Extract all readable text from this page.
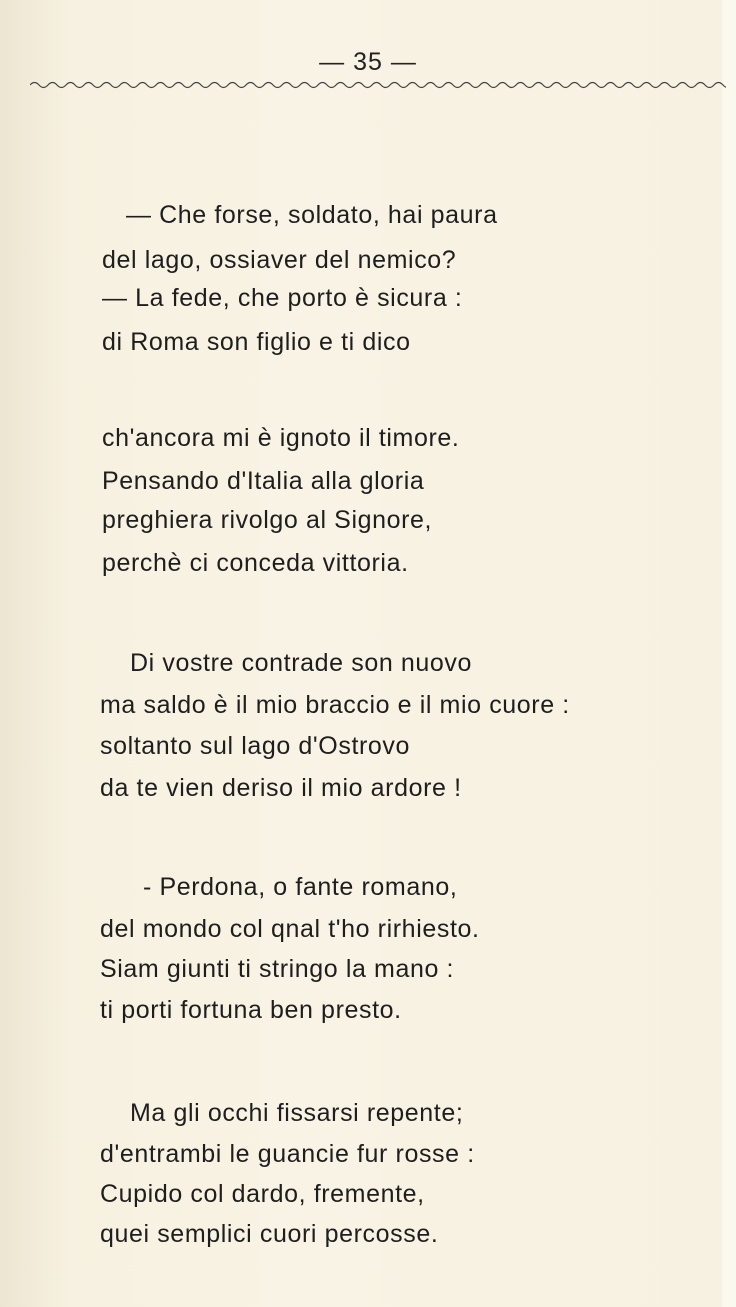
— 35 —
— Che forse, soldato, hai paura
del lago, ossiaver del nemico?
— La fede, che porto è sicura :
di Roma son figlio e ti dico
ch'ancora mi è ignoto il timore.
Pensando d'Italia alla gloria
preghiera rivolgo al Signore,
perchè ci conceda vittoria.
Di vostre contrade son nuovo
ma saldo è il mio braccio e il mio cuore :
soltanto sul lago d'Ostrovo
da te vien deriso il mio ardore !
- Perdona, o fante romano,
del mondo col qnal t'ho rirhiesto.
Siam giunti ti stringo la mano :
ti porti fortuna ben presto.
Ma gli occhi fissarsi repente;
d'entrambi le guancie fur rosse :
Cupido col dardo, fremente,
quei semplici cuori percosse.
